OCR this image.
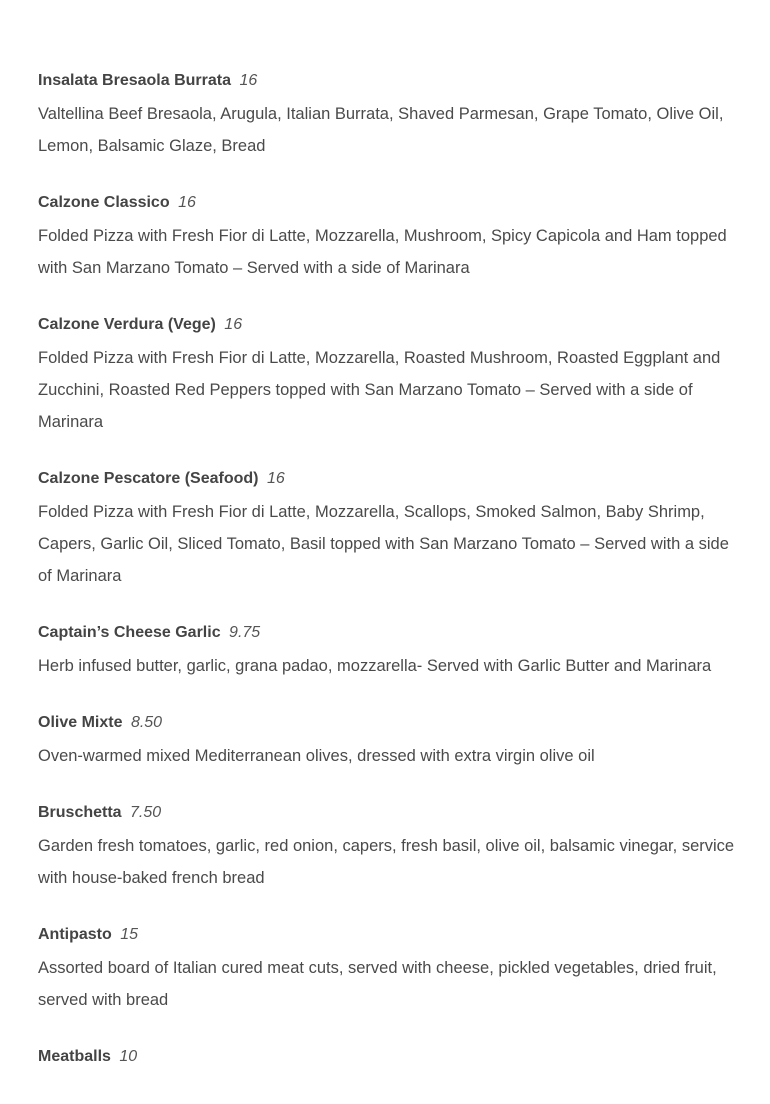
Insalata Bresaola Burrata 16

Valtellina Beef Bresaola, Arugula, Italian Burrata, Shaved Parmesan, Grape Tomato, Olive Oil, Lemon, Balsamic Glaze, Bread

Calzone Classico 16

Folded Pizza with Fresh Fior di Latte, Mozzarella, Mushroom, Spicy Capicola and Ham topped with San Marzano Tomato – Served with a side of Marinara

Calzone Verdura (Vege) 16

Folded Pizza with Fresh Fior di Latte, Mozzarella, Roasted Mushroom, Roasted Eggplant and Zucchini, Roasted Red Peppers topped with San Marzano Tomato – Served with a side of Marinara

Calzone Pescatore (Seafood) 16

Folded Pizza with Fresh Fior di Latte, Mozzarella, Scallops, Smoked Salmon, Baby Shrimp, Capers, Garlic Oil, Sliced Tomato, Basil topped with San Marzano Tomato – Served with a side of Marinara

Captain’s Cheese Garlic 9.75

Herb infused butter, garlic, grana padao, mozzarella- Served with Garlic Butter and Marinara

Olive Mixte 8.50

Oven-warmed mixed Mediterranean olives, dressed with extra virgin olive oil

Bruschetta 7.50

Garden fresh tomatoes, garlic, red onion, capers, fresh basil, olive oil, balsamic vinegar, service with house-baked french bread

Antipasto 15

Assorted board of Italian cured meat cuts, served with cheese, pickled vegetables, dried fruit, served with bread

Meatballs 10
